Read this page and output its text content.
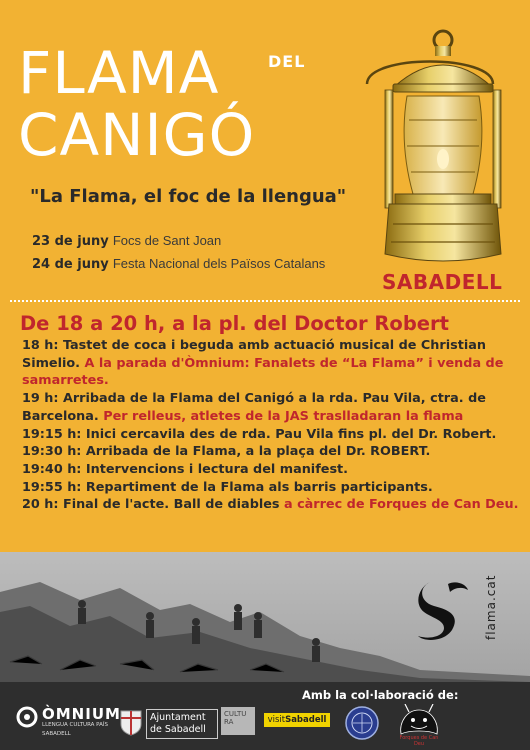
FLAMA	DEL
CANIGÓ
"La Flama, el foc de la llengua"
23 de juny Focs de Sant Joan
24 de juny Festa Nacional dels Països Catalans
SABADELL
De 18 a 20 h, a la pl. del Doctor Robert

18 h: Tastet de coca i beguda amb actuació musical de Christian Simelio. A la parada d'Òmnium: Fanalets de “La Flama” i venda de samarretes.

19 h: Arribada de la Flama del Canigó a la rda. Pau Vila, ctra. de Barcelona. Per relleus, atletes de la JAS traslladaran la flama

19:15 h: Inici cercavila des de rda. Pau Vila fins pl. del Dr. Robert.

19:30 h: Arribada de la Flama, a la plaça del Dr. ROBERT.

19:40 h: Intervencions i lectura del manifest.

19:55 h: Repartiment de la Flama als barris participants.

20 h: Final de l'acte. Ball de diables a càrrec de Forques de Can Deu.

flama.cat
Amb la col·laboració de:
ÒMNIUM
LLENGUA CULTURA PAÍS
SABADELL
Ajuntament
de Sabadell
CULTU
RA	visitSabadell
Forques de Can Deu
